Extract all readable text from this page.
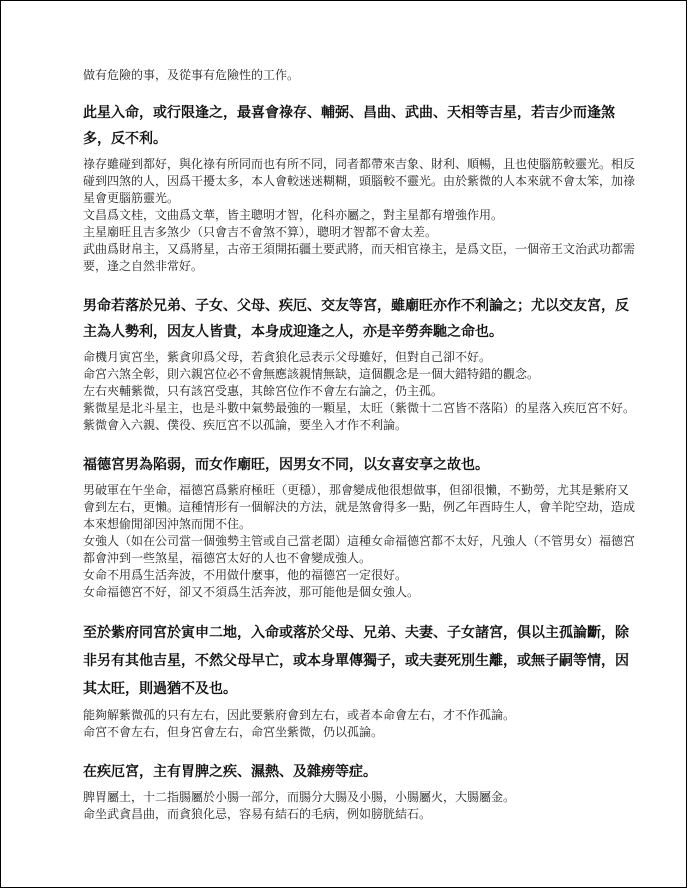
做有危險的事，及從事有危險性的工作。

此星入命，或行限逢之，最喜會祿存、輔弼、昌曲、武曲、天相等吉星，若吉少而逢煞多，反不利。

祿存雖碰到都好，與化祿有所同而也有所不同，同者都帶來吉象、財利、順暢，且也使腦筋較靈光。相反碰到四煞的人，因爲干擾太多，本人會較迷迷糊糊，頭腦較不靈光。由於紫微的人本來就不會太笨，加祿星會更腦筋靈光。

文昌爲文桂，文曲爲文華，皆主聰明才智，化科亦屬之，對主星都有增強作用。

主星廟旺且吉多煞少（只會吉不會煞不算），聰明才智都不會太差。

武曲爲財帛主，又爲將星，古帝王須開拓疆土要武將，而天相官祿主，是爲文臣，一個帝王文治武功都需要，逢之自然非常好。

男命若落於兄弟、子女、父母、疾厄、交友等宮，雖廟旺亦作不利論之；尤以交友宮，反主為人勢利，因友人皆貴，本身成迎逢之人，亦是辛勞奔馳之命也。

命機月寅宮坐，紫貪卯爲父母，若貪狼化忌表示父母雖好，但對自己卻不好。

命宮六煞全彰，則六親宮位必不會無應該親情無缺，這個觀念是一個大錯特錯的觀念。

左右夾輔紫微，只有該宮受惠，其餘宮位作不會左右論之，仍主孤。

紫微星是北斗星主，也是斗數中氣勢最強的一顆星，太旺（紫微十二宮皆不落陷）的星落入疾厄宮不好。

紫微會入六親、僕役、疾厄宮不以孤論，要坐入才作不利論。

福德宮男為陷弱，而女作廟旺，因男女不同，以女喜安享之故也。

男破軍在午坐命，福德宮爲紫府極旺（更穩），那會變成他很想做事，但卻很懶，不勤勞，尤其是紫府又會到左右，更懶。這種情形有一個解決的方法，就是煞會得多一點，例乙年酉時生人，會羊陀空劫，造成本來想偷閒卻因沖煞而閒不住。

女強人（如在公司當一個強勢主管或自己當老闆）這種女命福德宮都不太好，凡強人（不管男女）福德宮都會沖到一些煞星，福德宮太好的人也不會變成強人。

女命不用爲生活奔波，不用做什麼事，他的福德宮一定很好。

女命福德宮不好，卻又不須爲生活奔波，那可能他是個女強人。

至於紫府同宮於寅申二地，入命或落於父母、兄弟、夫妻、子女諸宮，俱以主孤論斷，除非另有其他吉星，不然父母早亡，或本身單傳獨子，或夫妻死別生離，或無子嗣等情，因其太旺，則過猶不及也。

能夠解紫微孤的只有左右，因此要紫府會到左右，或者本命會左右，才不作孤論。

命宮不會左右，但身宮會左右，命宮坐紫微，仍以孤論。

在疾厄宮，主有胃脾之疾、濕熱、及雜痨等症。

脾胃屬土，十二指腸屬於小腸一部分，而腸分大腸及小腸，小腸屬火，大腸屬金。

命坐武貪昌曲，而貪狼化忌，容易有結石的毛病，例如膀胱結石。
